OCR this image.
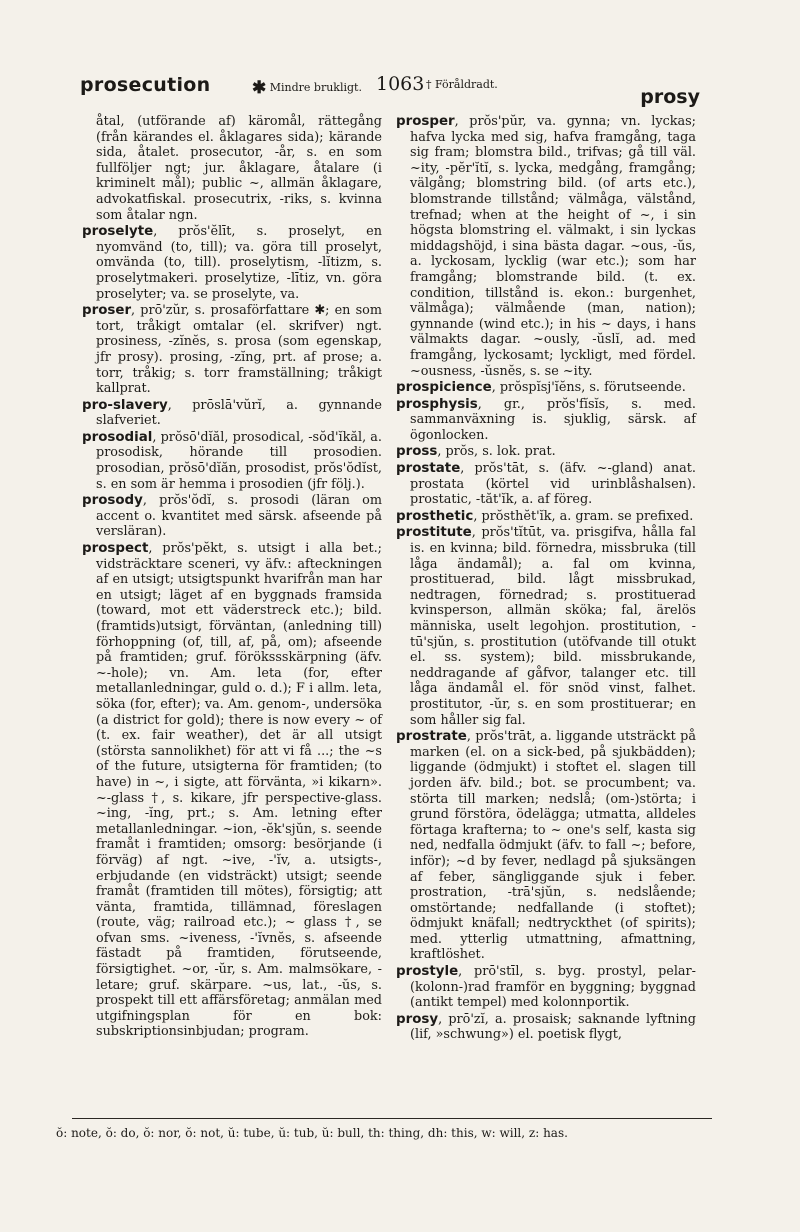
prosecution ✱ Mindre brukligt. 1063 † Föråldradt.
prosy

åtal, (utförande af) käromål, rättegång (från kärandes el. åklagares sida); kärande sida, åtalet. prosecutor, -år, s. en som fullföljer ngt; jur. åklagare, åtalare (i kriminelt mål); public ~, allmän åklagare, advokatfiskal. prosecutrix, -riks, s. kvinna som åtalar ngn.

proselyte, prŏs'ĕlīt, s. proselyt, en nyomvänd (to, till); va. göra till proselyt, omvända (to, till). proselytism, -lĭtizm, s. proselytmakeri. proselytize, -līt̄iz, vn. göra proselyter; va. se proselyte, va.

proser, prō'zŭr, s. prosaförfattare ✱; en som tort, tråkigt omtalar (el. skrifver) ngt. prosiness, -zĭnĕs, s. prosa (som egenskap, jfr prosy). prosing, -zĭng, prt. af prose; a. torr, tråkig; s. torr framställning; tråkigt kallprat.

pro-slavery, prōslā'vŭrĭ, a. gynnande slafveriet.

prosodial, prŏsō'dĭăl, prosodical, -sŏd'ĭkăl, a. prosodisk, hörande till prosodien. prosodian, prŏsō'dĭăn, prosodist, prŏs'ŏdĭst, s. en som är hemma i prosodien (jfr följ.).

prosody, prŏs'ŏdĭ, s. prosodi (läran om accent o. kvantitet med särsk. afseende på versläran).

prospect, prŏs'pĕkt, s. utsigt i alla bet.; vidsträcktare sceneri, vy äfv.: afteckningen af en utsigt; utsigtspunkt hvarifrån man har en utsigt; läget af en byggnads framsida (toward, mot ett väderstreck etc.); bild. (framtids)utsigt, förväntan, (anledning till) förhoppning (of, till, af, på, om); afseende på framtiden; gruf. förökssskärpning (äfv. ~-hole); vn. Am. leta (for, efter metallanledningar, guld o. d.); F i allm. leta, söka (for, efter); va. Am. genom-, undersöka (a district for gold); there is now every ~ of (t. ex. fair weather), det är all utsigt (största sannolikhet) för att vi få ...; the ~s of the future, utsigterna för framtiden; (to have) in ~, i sigte, att förvänta, »i kikarn». ~-glass †, s. kikare, jfr perspective-glass. ~ing, -ĭng, prt.; s. Am. letning efter metallanledningar. ~ion, -ĕk'sjŭn, s. seende framåt i framtiden; omsorg: besörjande (i förväg) af ngt. ~ive, -'ĭv, a. utsigts-, erbjudande (en vidsträckt) utsigt; seende framåt (framtiden till mötes), försigtig; att vänta, framtida, tillämnad, föreslagen (route, väg; railroad etc.); ~ glass †, se ofvan sms. ~iveness, -'ĭvnĕs, s. afseende fästadt på framtiden, förutseende, försigtighet. ~or, -ŭr, s. Am. malmsökare, -letare; gruf. skärpare. ~us, lat., -ŭs, s. prospekt till ett affärsföretag; anmälan med utgifningsplan för en bok: subskriptionsinbjudan; program.

prosper, prŏs'pŭr, va. gynna; vn. lyckas; hafva lycka med sig, hafva framgång, taga sig fram; blomstra bild., trifvas; gå till väl. ~ity, -pĕr'ĭtĭ, s. lycka, medgång, framgång; välgång; blomstring bild. (of arts etc.), blomstrande tillstånd; välmåga, välstånd, trefnad; when at the height of ~, i sin högsta blomstring el. välmakt, i sin lyckas middagshöjd, i sina bästa dagar. ~ous, -ŭs, a. lyckosam, lycklig (war etc.); som har framgång; blomstrande bild. (t. ex. condition, tillstånd is. ekon.: burgenhet, välmåga); välmående (man, nation); gynnande (wind etc.); in his ~ days, i hans välmakts dagar. ~ously, -ŭslĭ, ad. med framgång, lyckosamt; lyckligt, med fördel. ~ousness, -ŭsnĕs, s. se ~ity.

prospicience, prŏspĭsj'ĭĕns, s. förutseende.

prosphysis, gr., prŏs'fĭsĭs, s. med. sammanväxning is. sjuklig, särsk. af ögonlocken.

pross, prŏs, s. lok. prat.

prostate, prŏs'tāt, s. (äfv. ~-gland) anat. prostata (körtel vid urinblåshalsen). prostatic, -tăt'ĭk, a. af föreg.

prosthetic, prŏsthĕt'ĭk, a. gram. se prefixed.

prostitute, prŏs'tĭtūt, va. prisgifva, hålla fal is. en kvinna; bild. förnedra, missbruka (till låga ändamål); a. fal om kvinna, prostituerad, bild. lågt missbrukad, nedtragen, förnedrad; s. prostituerad kvinsperson, allmän sköka; fal, ärelös människa, uselt legohjon. prostitution, -tū'sjŭn, s. prostitution (utöfvande till otukt el. ss. system); bild. missbrukande, neddragande af gåfvor, talanger etc. till låga ändamål el. för snöd vinst, falhet. prostitutor, -ŭr, s. en som prostituerar; en som håller sig fal.

prostrate, prŏs'trāt, a. liggande utsträckt på marken (el. on a sick-bed, på sjukbädden); liggande (ödmjukt) i stoftet el. slagen till jorden äfv. bild.; bot. se procumbent; va. störta till marken; nedslå; (om-)störta; i grund förstöra, ödelägga; utmatta, alldeles förtaga krafterna; to ~ one's self, kasta sig ned, nedfalla ödmjukt (äfv. to fall ~; before, inför); ~d by fever, nedlagd på sjuksängen af feber, sängliggande sjuk i feber. prostration, -trā'sjŭn, s. nedslående; omstörtande; nedfallande (i stoftet); ödmjukt knäfall; nedtryckthet (of spirits); med. ytterlig utmattning, afmattning, kraftlöshet.

prostyle, prō'stīl, s. byg. prostyl, pelar-(kolonn-)rad framför en byggning; byggnad (antikt tempel) med kolonnportik.

prosy, prō'zĭ, a. prosaisk; saknande lyftning (lif, »schwung») el. poetisk flygt,

ŏ: note, ŏ: do, ŏ: nor, ŏ: not, ŭ: tube, ŭ: tub, ŭ: bull, th: thing, dh: this, w: will, z: has.
